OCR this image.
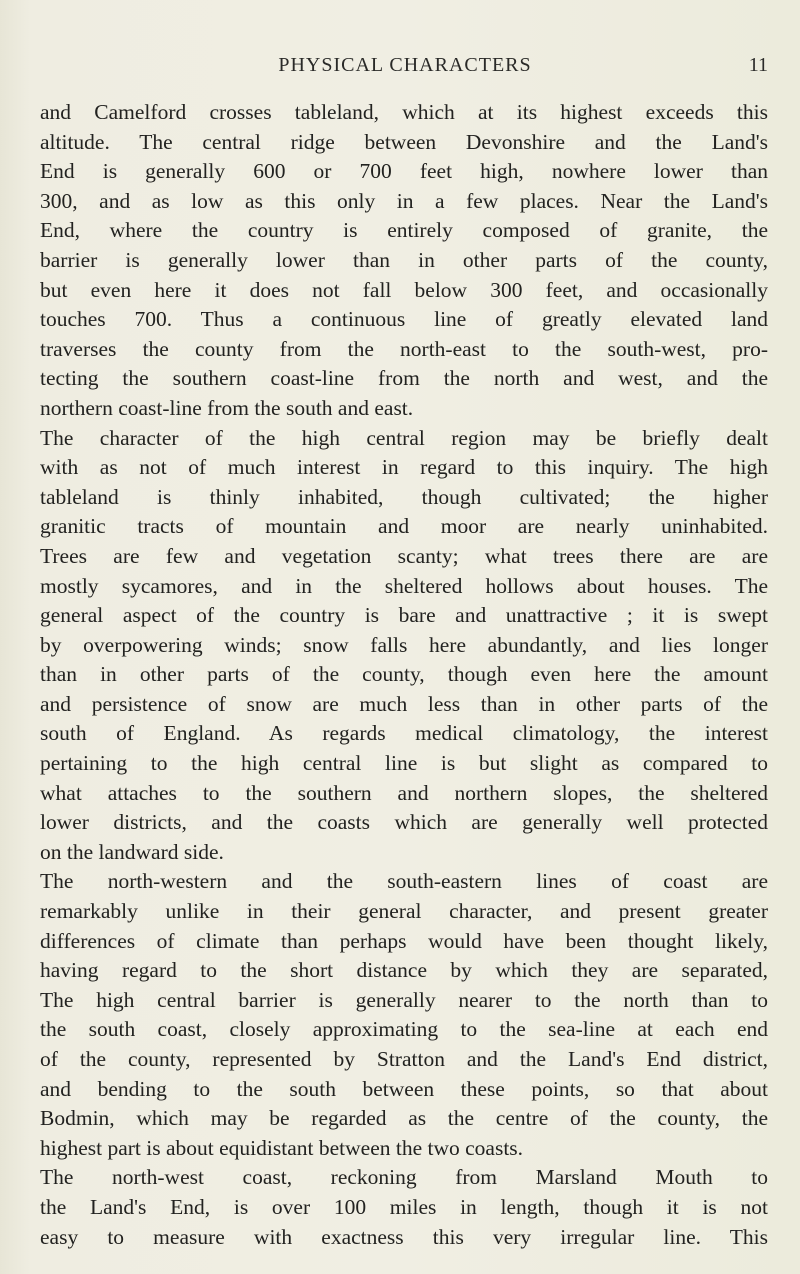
PHYSICAL CHARACTERS	11
and Camelford crosses tableland, which at its highest exceeds this
altitude. The central ridge between Devonshire and the Land's
End is generally 600 or 700 feet high, nowhere lower than
300, and as low as this only in a few places. Near the Land's
End, where the country is entirely composed of granite, the
barrier is generally lower than in other parts of the county,
but even here it does not fall below 300 feet, and occasionally
touches 700. Thus a continuous line of greatly elevated land
traverses the county from the north-east to the south-west, pro-
tecting the southern coast-line from the north and west, and the
northern coast-line from the south and east.
The character of the high central region may be briefly dealt
with as not of much interest in regard to this inquiry. The high
tableland is thinly inhabited, though cultivated; the higher
granitic tracts of mountain and moor are nearly uninhabited.
Trees are few and vegetation scanty; what trees there are are
mostly sycamores, and in the sheltered hollows about houses. The
general aspect of the country is bare and unattractive ; it is swept
by overpowering winds; snow falls here abundantly, and lies longer
than in other parts of the county, though even here the amount
and persistence of snow are much less than in other parts of the
south of England. As regards medical climatology, the interest
pertaining to the high central line is but slight as compared to
what attaches to the southern and northern slopes, the sheltered
lower districts, and the coasts which are generally well protected
on the landward side.
The north-western and the south-eastern lines of coast are
remarkably unlike in their general character, and present greater
differences of climate than perhaps would have been thought likely,
having regard to the short distance by which they are separated,
The high central barrier is generally nearer to the north than to
the south coast, closely approximating to the sea-line at each end
of the county, represented by Stratton and the Land's End district,
and bending to the south between these points, so that about
Bodmin, which may be regarded as the centre of the county, the
highest part is about equidistant between the two coasts.
The north-west coast, reckoning from Marsland Mouth to
the Land's End, is over 100 miles in length, though it is not
easy to measure with exactness this very irregular line. This
